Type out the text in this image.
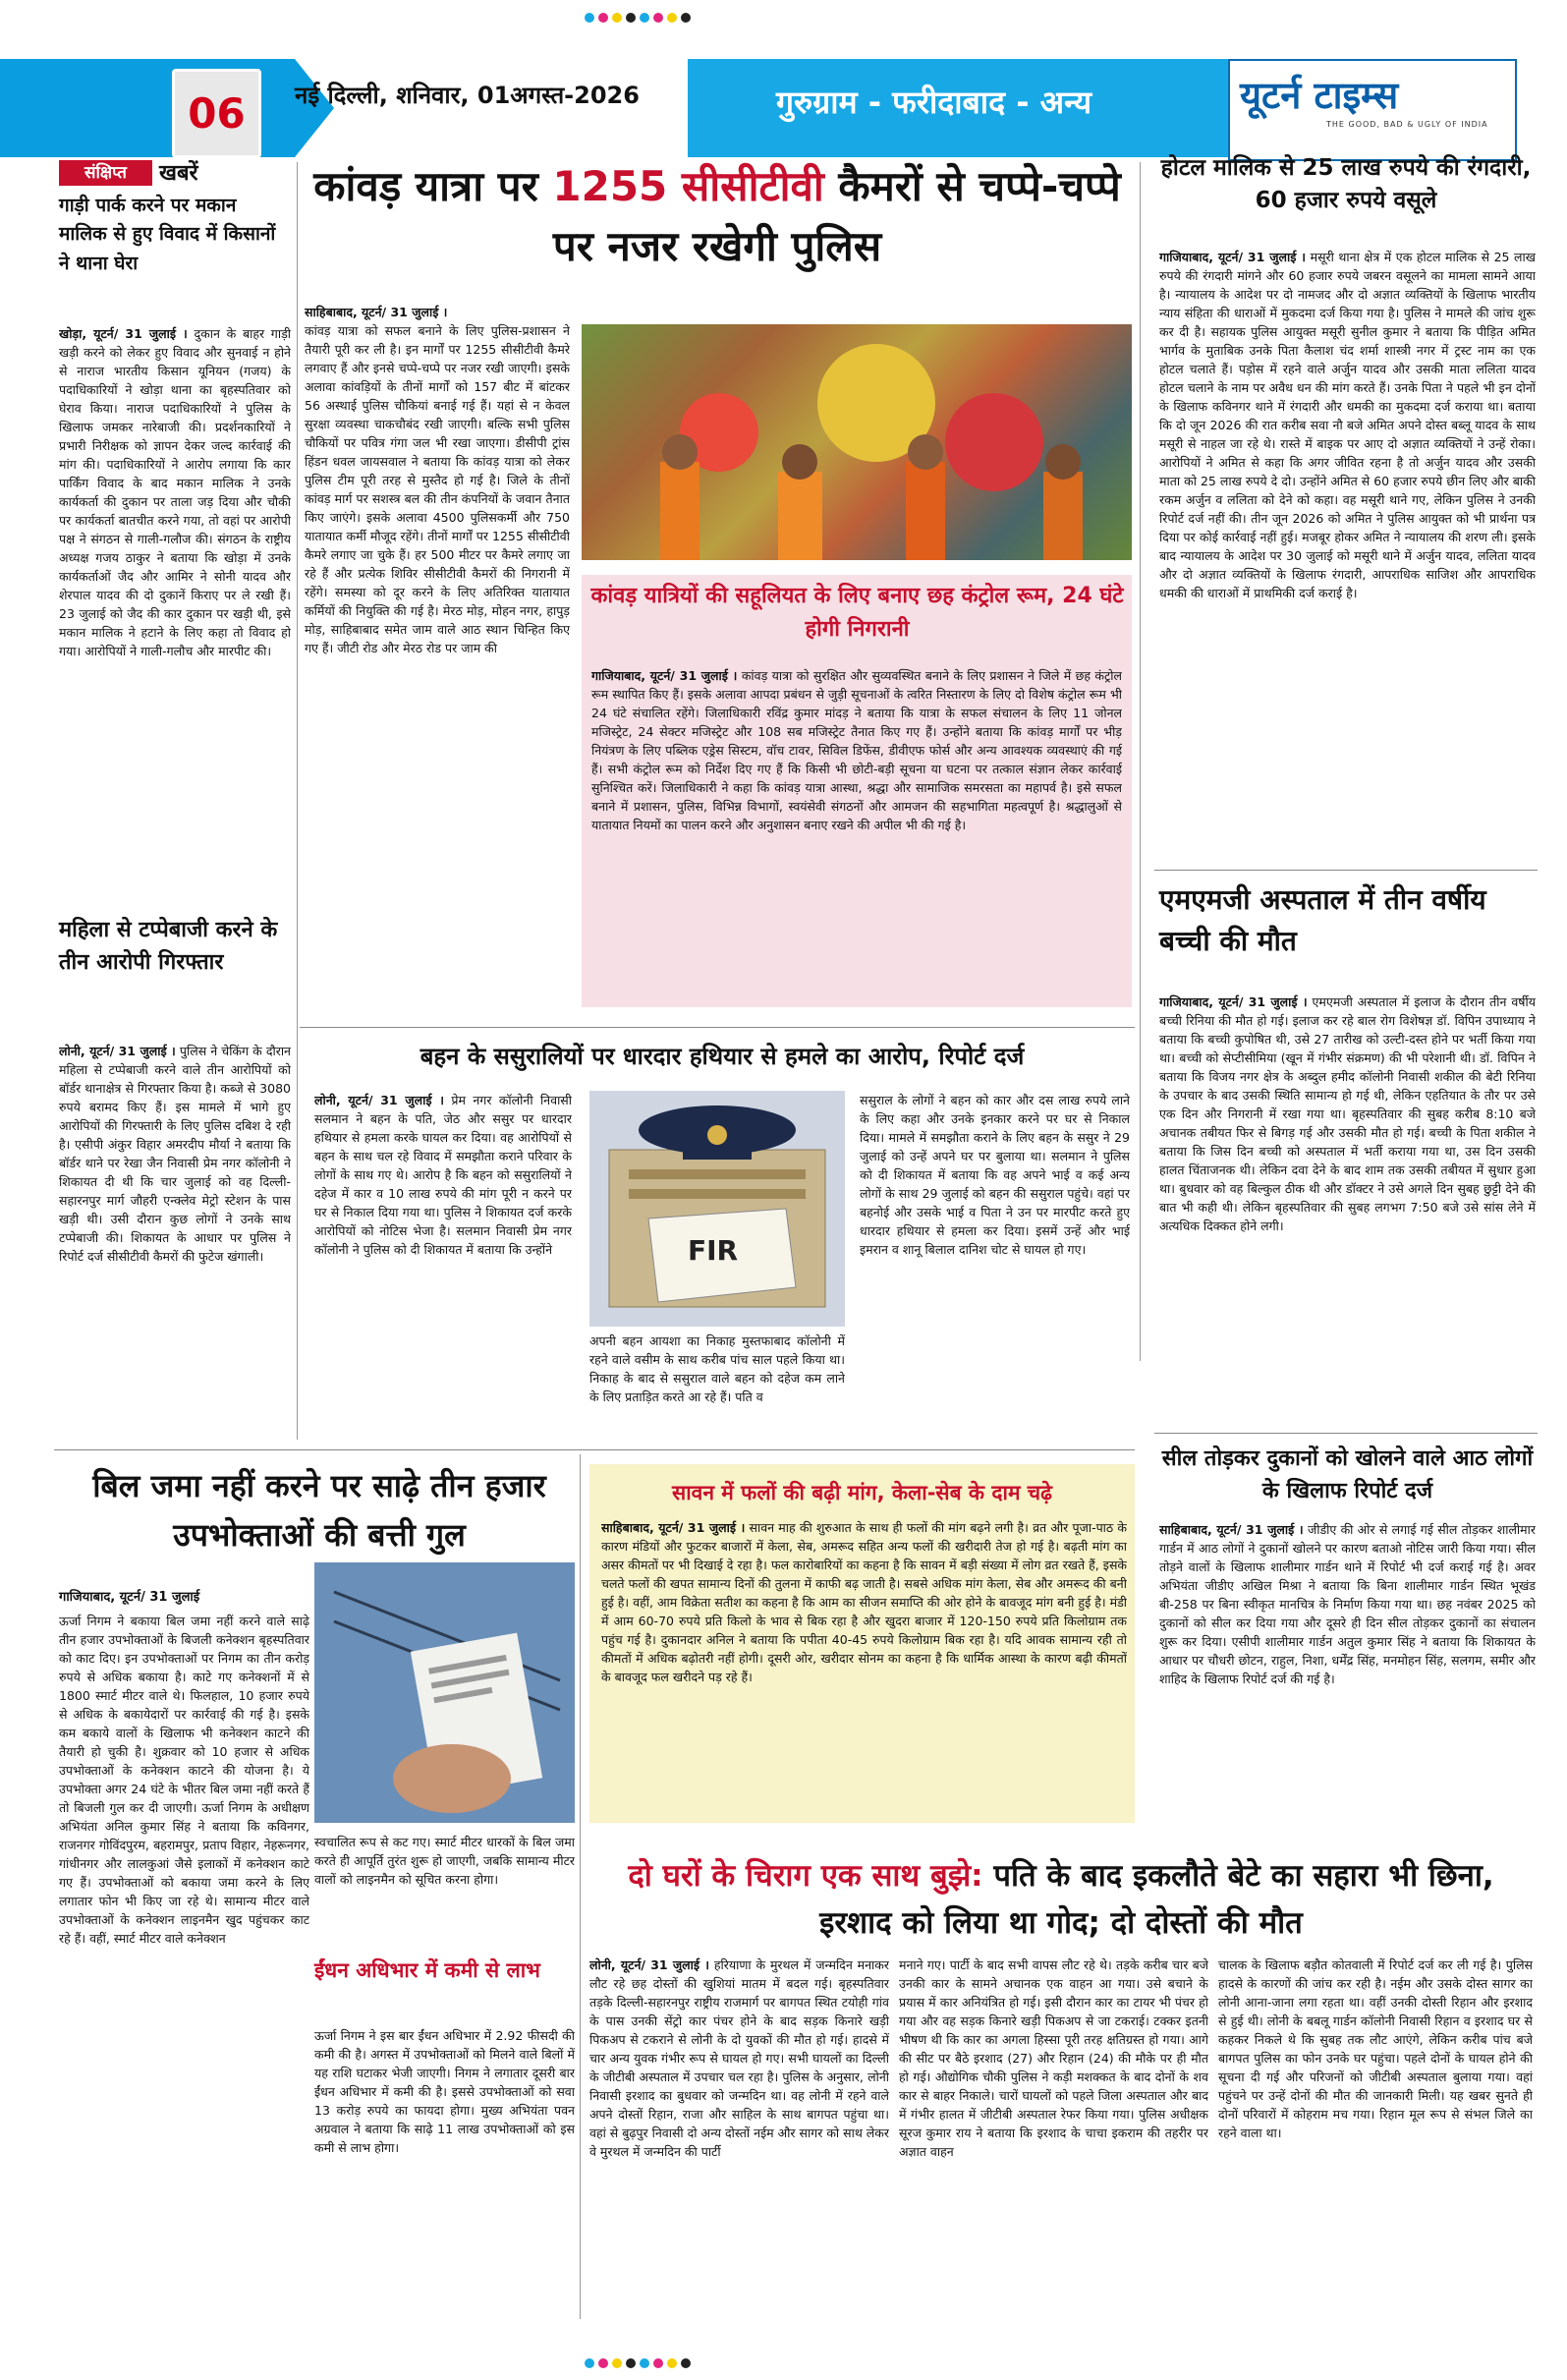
06	नई दिल्ली, शनिवार, 01अगस्त-2026	गुरुग्राम - फरीदाबाद - अन्य	यूटर्न टाइम्स
THE GOOD, BAD & UGLY OF INDIA
संक्षिप्त	खबरें
गाड़ी पार्क करने पर मकान मालिक से हुए विवाद में किसानों ने थाना घेरा
खोड़ा, यूटर्न/ 31 जुलाई । दुकान के बाहर गाड़ी खड़ी करने को लेकर हुए विवाद और सुनवाई न होने से नाराज भारतीय किसान यूनियन (गजय) के पदाधिकारियों ने खोड़ा थाना का बृहस्पतिवार को घेराव किया। नाराज पदाधिकारियों ने पुलिस के खिलाफ जमकर नारेबाजी की। प्रदर्शनकारियों ने प्रभारी निरीक्षक को ज्ञापन देकर जल्द कार्रवाई की मांग की। पदाधिकारियों ने आरोप लगाया कि कार पार्किंग विवाद के बाद मकान मालिक ने उनके कार्यकर्ता की दुकान पर ताला जड़ दिया और चौकी पर कार्यकर्ता बातचीत करने गया, तो वहां पर आरोपी पक्ष ने संगठन से गाली-गलौज की। संगठन के राष्ट्रीय अध्यक्ष गजय ठाकुर ने बताया कि खोड़ा में उनके कार्यकर्ताओं जैद और आमिर ने सोनी यादव और शेरपाल यादव की दो दुकानें किराए पर ले रखी हैं।23 जुलाई को जैद की कार दुकान पर खड़ी थी, इसे मकान मालिक ने हटाने के लिए कहा तो विवाद हो गया। आरोपियों ने गाली-गलौच और मारपीट की।
महिला से टप्पेबाजी करने के तीन आरोपी गिरफ्तार
लोनी, यूटर्न/ 31 जुलाई । पुलिस ने चेकिंग के दौरान महिला से टप्पेबाजी करने वाले तीन आरोपियों को बॉर्डर थानाक्षेत्र से गिरफ्तार किया है। कब्जे से 3080 रुपये बरामद किए हैं। इस मामले में भागे हुए आरोपियों की गिरफ्तारी के लिए पुलिस दबिश दे रही है। एसीपी अंकुर विहार अमरदीप मौर्या ने बताया कि बॉर्डर थाने पर रेखा जैन निवासी प्रेम नगर कॉलोनी ने शिकायत दी थी कि चार जुलाई को वह दिल्ली-सहारनपुर मार्ग जौहरी एन्क्लेव मेट्रो स्टेशन के पास खड़ी थी। उसी दौरान कुछ लोगों ने उनके साथ टप्पेबाजी की। शिकायत के आधार पर पुलिस ने रिपोर्ट दर्ज सीसीटीवी कैमरों की फुटेज खंगाली।
कांवड़ यात्रा पर 1255 सीसीटीवी कैमरों से चप्पे-चप्पे पर नजर रखेगी पुलिस
साहिबाबाद, यूटर्न/ 31 जुलाई ।
कांवड़ यात्रा को सफल बनाने के लिए पुलिस-प्रशासन ने तैयारी पूरी कर ली है। इन मार्गों पर 1255 सीसीटीवी कैमरे लगवाए हैं और इनसे चप्पे-चप्पे पर नजर रखी जाएगी। इसके अलावा कांवड़ियों के तीनों मार्गों को 157 बीट में बांटकर 56 अस्थाई पुलिस चौकियां बनाई गई हैं। यहां से न केवल सुरक्षा व्यवस्था चाकचौबंद रखी जाएगी। बल्कि सभी पुलिस चौकियों पर पवित्र गंगा जल भी रखा जाएगा। डीसीपी ट्रांस हिंडन धवल जायसवाल ने बताया कि कांवड़ यात्रा को लेकर पुलिस टीम पूरी तरह से मुस्तैद हो गई है। जिले के तीनों कांवड़ मार्ग पर सशस्त्र बल की तीन कंपनियों के जवान तैनात किए जाएंगे। इसके अलावा 4500 पुलिसकर्मी और 750 यातायात कर्मी मौजूद रहेंगे। तीनों मार्गों पर 1255 सीसीटीवी कैमरे लगाए जा चुके हैं। हर 500 मीटर पर कैमरे लगाए जा रहे हैं और प्रत्येक शिविर सीसीटीवी कैमरों की निगरानी में रहेंगे। समस्या को दूर करने के लिए अतिरिक्त यातायात कर्मियों की नियुक्ति की गई है। मेरठ मोड़, मोहन नगर, हापुड़ मोड़, साहिबाबाद समेत जाम वाले आठ स्थान चिन्हित किए गए हैं। जीटी रोड और मेरठ रोड पर जाम की
कांवड़ यात्रियों की सहूलियत के लिए बनाए छह कंट्रोल रूम, 24 घंटे होगी निगरानी
गाजियाबाद, यूटर्न/ 31 जुलाई । कांवड़ यात्रा को सुरक्षित और सुव्यवस्थित बनाने के लिए प्रशासन ने जिले में छह कंट्रोल रूम स्थापित किए हैं। इसके अलावा आपदा प्रबंधन से जुड़ी सूचनाओं के त्वरित निस्तारण के लिए दो विशेष कंट्रोल रूम भी 24 घंटे संचालित रहेंगे। जिलाधिकारी रविंद्र कुमार मांदड़ ने बताया कि यात्रा के सफल संचालन के लिए 11 जोनल मजिस्ट्रेट, 24 सेक्टर मजिस्ट्रेट और 108 सब मजिस्ट्रेट तैनात किए गए हैं। उन्होंने बताया कि कांवड़ मार्गों पर भीड़ नियंत्रण के लिए पब्लिक एड्रेस सिस्टम, वॉच टावर, सिविल डिफेंस, डीवीएफ फोर्स और अन्य आवश्यक व्यवस्थाएं की गई हैं। सभी कंट्रोल रूम को निर्देश दिए गए हैं कि किसी भी छोटी-बड़ी सूचना या घटना पर तत्काल संज्ञान लेकर कार्रवाई सुनिश्चित करें। जिलाधिकारी ने कहा कि कांवड़ यात्रा आस्था, श्रद्धा और सामाजिक समरसता का महापर्व है। इसे सफल बनाने में प्रशासन, पुलिस, विभिन्न विभागों, स्वयंसेवी संगठनों और आमजन की सहभागिता महत्वपूर्ण है। श्रद्धालुओं से यातायात नियमों का पालन करने और अनुशासन बनाए रखने की अपील भी की गई है।
होटल मालिक से 25 लाख रुपये की रंगदारी, 60 हजार रुपये वसूले
गाजियाबाद, यूटर्न/ 31 जुलाई । मसूरी थाना क्षेत्र में एक होटल मालिक से 25 लाख रुपये की रंगदारी मांगने और 60 हजार रुपये जबरन वसूलने का मामला सामने आया है। न्यायालय के आदेश पर दो नामजद और दो अज्ञात व्यक्तियों के खिलाफ भारतीय न्याय संहिता की धाराओं में मुकदमा दर्ज किया गया है। पुलिस ने मामले की जांच शुरू कर दी है। सहायक पुलिस आयुक्त मसूरी सुनील कुमार ने बताया कि पीड़ित अमित भार्गव के मुताबिक उनके पिता कैलाश चंद शर्मा शास्त्री नगर में ट्रस्ट नाम का एक होटल चलाते हैं। पड़ोस में रहने वाले अर्जुन यादव और उसकी माता ललिता यादव होटल चलाने के नाम पर अवैध धन की मांग करते हैं। उनके पिता ने पहले भी इन दोनों के खिलाफ कविनगर थाने में रंगदारी और धमकी का मुकदमा दर्ज कराया था। बताया कि दो जून 2026 की रात करीब सवा नौ बजे अमित अपने दोस्त बब्लू यादव के साथ मसूरी से नाहल जा रहे थे। रास्ते में बाइक पर आए दो अज्ञात व्यक्तियों ने उन्हें रोका। आरोपियों ने अमित से कहा कि अगर जीवित रहना है तो अर्जुन यादव और उसकी माता को 25 लाख रुपये दे दो। उन्होंने अमित से 60 हजार रुपये छीन लिए और बाकी रकम अर्जुन व ललिता को देने को कहा। वह मसूरी थाने गए, लेकिन पुलिस ने उनकी रिपोर्ट दर्ज नहीं की। तीन जून 2026 को अमित ने पुलिस आयुक्त को भी प्रार्थना पत्र दिया पर कोई कार्रवाई नहीं हुई। मजबूर होकर अमित ने न्यायालय की शरण ली। इसके बाद न्यायालय के आदेश पर 30 जुलाई को मसूरी थाने में अर्जुन यादव, ललिता यादव और दो अज्ञात व्यक्तियों के खिलाफ रंगदारी, आपराधिक साजिश और आपराधिक धमकी की धाराओं में प्राथमिकी दर्ज कराई है।
एमएमजी अस्पताल में तीन वर्षीय बच्ची की मौत
गाजियाबाद, यूटर्न/ 31 जुलाई । एमएमजी अस्पताल में इलाज के दौरान तीन वर्षीय बच्ची रिनिया की मौत हो गई। इलाज कर रहे बाल रोग विशेषज्ञ डॉ. विपिन उपाध्याय ने बताया कि बच्ची कुपोषित थी, उसे 27 तारीख को उल्टी-दस्त होने पर भर्ती किया गया था। बच्ची को सेप्टीसीमिया (खून में गंभीर संक्रमण) की भी परेशानी थी। डॉ. विपिन ने बताया कि विजय नगर क्षेत्र के अब्दुल हमीद कॉलोनी निवासी शकील की बेटी रिनिया के उपचार के बाद उसकी स्थिति सामान्य हो गई थी, लेकिन एहतियात के तौर पर उसे एक दिन और निगरानी में रखा गया था। बृहस्पतिवार की सुबह करीब 8:10 बजे अचानक तबीयत फिर से बिगड़ गई और उसकी मौत हो गई। बच्ची के पिता शकील ने बताया कि जिस दिन बच्ची को अस्पताल में भर्ती कराया गया था, उस दिन उसकी हालत चिंताजनक थी। लेकिन दवा देने के बाद शाम तक उसकी तबीयत में सुधार हुआ था। बुधवार को वह बिल्कुल ठीक थी और डॉक्टर ने उसे अगले दिन सुबह छुट्टी देने की बात भी कही थी। लेकिन बृहस्पतिवार की सुबह लगभग 7:50 बजे उसे सांस लेने में अत्यधिक दिक्कत होने लगी।
सील तोड़कर दुकानों को खोलने वाले आठ लोगों के खिलाफ रिपोर्ट दर्ज
साहिबाबाद, यूटर्न/ 31 जुलाई । जीडीए की ओर से लगाई गई सील तोड़कर शालीमार गार्डन में आठ लोगों ने दुकानों खोलने पर कारण बताओ नोटिस जारी किया गया। सील तोड़ने वालों के खिलाफ शालीमार गार्डन थाने में रिपोर्ट भी दर्ज कराई गई है। अवर अभियंता जीडीए अखिल मिश्रा ने बताया कि बिना शालीमार गार्डन स्थित भूखंड बी-258 पर बिना स्वीकृत मानचित्र के निर्माण किया गया था। छह नवंबर 2025 को दुकानों को सील कर दिया गया और दूसरे ही दिन सील तोड़कर दुकानों का संचालन शुरू कर दिया। एसीपी शालीमार गार्डन अतुल कुमार सिंह ने बताया कि शिकायत के आधार पर चौधरी छोटन, राहुल, निशा, धर्मेंद्र सिंह, मनमोहन सिंह, सलगम, समीर और शाहिद के खिलाफ रिपोर्ट दर्ज की गई है।
बहन के ससुरालियों पर धारदार हथियार से हमले का आरोप, रिपोर्ट दर्ज
लोनी, यूटर्न/ 31 जुलाई । प्रेम नगर कॉलोनी निवासी सलमान ने बहन के पति, जेठ और ससुर पर धारदार हथियार से हमला करके घायल कर दिया। वह आरोपियों से बहन के साथ चल रहे विवाद में समझौता कराने परिवार के लोगों के साथ गए थे। आरोप है कि बहन को ससुरालियों ने दहेज में कार व 10 लाख रुपये की मांग पूरी न करने पर घर से निकाल दिया गया था। पुलिस ने शिकायत दर्ज करके आरोपियों को नोटिस भेजा है। सलमान निवासी प्रेम नगर कॉलोनी ने पुलिस को दी शिकायत में बताया कि उन्होंने	FIR
अपनी बहन आयशा का निकाह मुस्तफाबाद कॉलोनी में रहने वाले वसीम के साथ करीब पांच साल पहले किया था। निकाह के बाद से ससुराल वाले बहन को दहेज कम लाने के लिए प्रताड़ित करते आ रहे हैं। पति व
ससुराल के लोगों ने बहन को कार और दस लाख रुपये लाने के लिए कहा और उनके इनकार करने पर घर से निकाल दिया। मामले में समझौता कराने के लिए बहन के ससुर ने 29 जुलाई को उन्हें अपने घर पर बुलाया था। सलमान ने पुलिस को दी शिकायत में बताया कि वह अपने भाई व कई अन्य लोगों के साथ 29 जुलाई को बहन की ससुराल पहुंचे। वहां पर बहनोई और उसके भाई व पिता ने उन पर मारपीट करते हुए धारदार हथियार से हमला कर दिया। इसमें उन्हें और भाई इमरान व शानू बिलाल दानिश चोट से घायल हो गए।
बिल जमा नहीं करने पर साढ़े तीन हजार उपभोक्ताओं की बत्ती गुल
गाजियाबाद, यूटर्न/ 31 जुलाई
ऊर्जा निगम ने बकाया बिल जमा नहीं करने वाले साढ़े तीन हजार उपभोक्ताओं के बिजली कनेक्शन बृहस्पतिवार को काट दिए। इन उपभोक्ताओं पर निगम का तीन करोड़ रुपये से अधिक बकाया है। काटे गए कनेक्शनों में से 1800 स्मार्ट मीटर वाले थे। फिलहाल, 10 हजार रुपये से अधिक के बकायेदारों पर कार्रवाई की गई है। इसके कम बकाये वालों के खिलाफ भी कनेक्शन काटने की तैयारी हो चुकी है। शुक्रवार को 10 हजार से अधिक उपभोक्ताओं के कनेक्शन काटने की योजना है। ये उपभोक्ता अगर 24 घंटे के भीतर बिल जमा नहीं करते हैं तो बिजली गुल कर दी जाएगी। ऊर्जा निगम के अधीक्षण अभियंता अनिल कुमार सिंह ने बताया कि कविनगर, राजनगर गोविंदपुरम, बहरामपुर, प्रताप विहार, नेहरूनगर, गांधीनगर और लालकुआं जैसे इलाकों में कनेक्शन काटे गए हैं। उपभोक्ताओं को बकाया जमा करने के लिए लगातार फोन भी किए जा रहे थे। सामान्य मीटर वाले उपभोक्ताओं के कनेक्शन लाइनमैन खुद पहुंचकर काट रहे हैं। वहीं, स्मार्ट मीटर वाले कनेक्शन
स्वचालित रूप से कट गए। स्मार्ट मीटर धारकों के बिल जमा करते ही आपूर्ति तुरंत शुरू हो जाएगी, जबकि सामान्य मीटर वालों को लाइनमैन को सूचित करना होगा।
ईंधन अधिभार में कमी से लाभ
ऊर्जा निगम ने इस बार ईंधन अधिभार में 2.92 फीसदी की कमी की है। अगस्त में उपभोक्ताओं को मिलने वाले बिलों में यह राशि घटाकर भेजी जाएगी। निगम ने लगातार दूसरी बार ईंधन अधिभार में कमी की है। इससे उपभोक्ताओं को सवा 13 करोड़ रुपये का फायदा होगा। मुख्य अभियंता पवन अग्रवाल ने बताया कि साढ़े 11 लाख उपभोक्ताओं को इस कमी से लाभ होगा।
सावन में फलों की बढ़ी मांग, केला-सेब के दाम चढ़े
साहिबाबाद, यूटर्न/ 31 जुलाई । सावन माह की शुरुआत के साथ ही फलों की मांग बढ़ने लगी है। व्रत और पूजा-पाठ के कारण मंडियों और फुटकर बाजारों में केला, सेब, अमरूद सहित अन्य फलों की खरीदारी तेज हो गई है। बढ़ती मांग का असर कीमतों पर भी दिखाई दे रहा है। फल कारोबारियों का कहना है कि सावन में बड़ी संख्या में लोग व्रत रखते हैं, इसके चलते फलों की खपत सामान्य दिनों की तुलना में काफी बढ़ जाती है। सबसे अधिक मांग केला, सेब और अमरूद की बनी हुई है। वहीं, आम विक्रेता सतीश का कहना है कि आम का सीजन समाप्ति की ओर होने के बावजूद मांग बनी हुई है। मंडी में आम 60-70 रुपये प्रति किलो के भाव से बिक रहा है और खुदरा बाजार में 120-150 रुपये प्रति किलोग्राम तक पहुंच गई है। दुकानदार अनिल ने बताया कि पपीता 40-45 रुपये किलोग्राम बिक रहा है। यदि आवक सामान्य रही तो कीमतों में अधिक बढ़ोतरी नहीं होगी। दूसरी ओर, खरीदार सोनम का कहना है कि धार्मिक आस्था के कारण बढ़ी कीमतों के बावजूद फल खरीदने पड़ रहे हैं।
दो घरों के चिराग एक साथ बुझे: पति के बाद इकलौते बेटे का सहारा भी छिना, इरशाद को लिया था गोद; दो दोस्तों की मौत
लोनी, यूटर्न/ 31 जुलाई । हरियाणा के मुरथल में जन्मदिन मनाकर लौट रहे छह दोस्तों की खुशियां मातम में बदल गई। बृहस्पतिवार तड़के दिल्ली-सहारनपुर राष्ट्रीय राजमार्ग पर बागपत स्थित टयोही गांव के पास उनकी सेंट्रो कार पंचर होने के बाद सड़क किनारे खड़ी पिकअप से टकराने से लोनी के दो युवकों की मौत हो गई। हादसे में चार अन्य युवक गंभीर रूप से घायल हो गए। सभी घायलों का दिल्ली के जीटीबी अस्पताल में उपचार चल रहा है। पुलिस के अनुसार, लोनी निवासी इरशाद का बुधवार को जन्मदिन था। वह लोनी में रहने वाले अपने दोस्तों रिहान, राजा और साहिल के साथ बागपत पहुंचा था। वहां से बुढ़पुर निवासी दो अन्य दोस्तों नईम और सागर को साथ लेकर वे मुरथल में जन्मदिन की पार्टी
मनाने गए। पार्टी के बाद सभी वापस लौट रहे थे। तड़के करीब चार बजे उनकी कार के सामने अचानक एक वाहन आ गया। उसे बचाने के प्रयास में कार अनियंत्रित हो गई। इसी दौरान कार का टायर भी पंचर हो गया और वह सड़क किनारे खड़ी पिकअप से जा टकराई। टक्कर इतनी भीषण थी कि कार का अगला हिस्सा पूरी तरह क्षतिग्रस्त हो गया। आगे की सीट पर बैठे इरशाद (27) और रिहान (24) की मौके पर ही मौत हो गई। औद्योगिक चौकी पुलिस ने कड़ी मशक्कत के बाद दोनों के शव कार से बाहर निकाले। चारों घायलों को पहले जिला अस्पताल और बाद में गंभीर हालत में जीटीबी अस्पताल रेफर किया गया। पुलिस अधीक्षक सूरज कुमार राय ने बताया कि इरशाद के चाचा इकराम की तहरीर पर अज्ञात वाहन
चालक के खिलाफ बड़ौत कोतवाली में रिपोर्ट दर्ज कर ली गई है। पुलिस हादसे के कारणों की जांच कर रही है। नईम और उसके दोस्त सागर का लोनी आना-जाना लगा रहता था। वहीं उनकी दोस्ती रिहान और इरशाद से हुई थी। लोनी के बबलू गार्डन कॉलोनी निवासी रिहान व इरशाद घर से कहकर निकले थे कि सुबह तक लौट आएंगे, लेकिन करीब पांच बजे बागपत पुलिस का फोन उनके घर पहुंचा। पहले दोनों के घायल होने की सूचना दी गई और परिजनों को जीटीबी अस्पताल बुलाया गया। वहां पहुंचने पर उन्हें दोनों की मौत की जानकारी मिली। यह खबर सुनते ही दोनों परिवारों में कोहराम मच गया। रिहान मूल रूप से संभल जिले का रहने वाला था।
